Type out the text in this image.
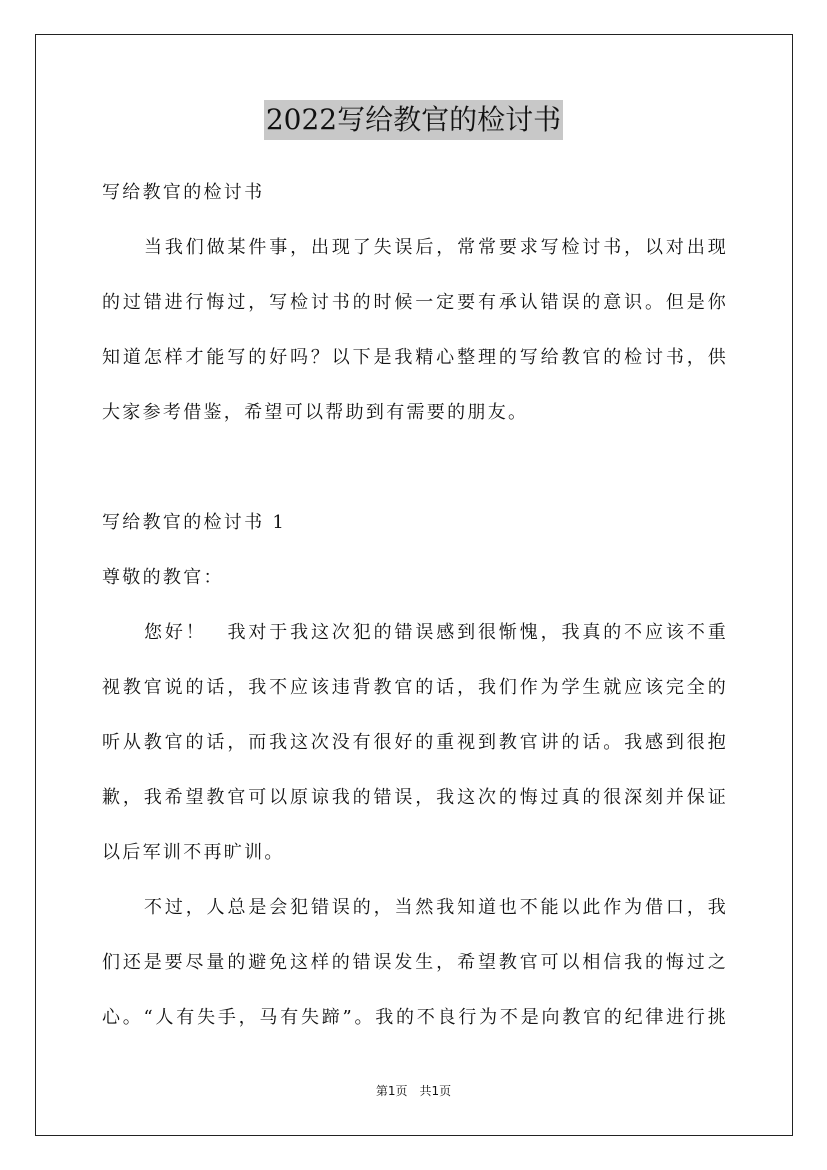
2022写给教官的检讨书
写给教官的检讨书
当我们做某件事，出现了失误后，常常要求写检讨书，以对出现
的过错进行悔过，写检讨书的时候一定要有承认错误的意识。但是你
知道怎样才能写的好吗？以下是我精心整理的写给教官的检讨书，供
大家参考借鉴，希望可以帮助到有需要的朋友。
写给教官的检讨书 1
尊敬的教官：
您好！　我对于我这次犯的错误感到很惭愧，我真的不应该不重
视教官说的话，我不应该违背教官的话，我们作为学生就应该完全的
听从教官的话，而我这次没有很好的重视到教官讲的话。我感到很抱
歉，我希望教官可以原谅我的错误，我这次的悔过真的很深刻并保证
以后军训不再旷训。
不过，人总是会犯错误的，当然我知道也不能以此作为借口，我
们还是要尽量的避免这样的错误发生，希望教官可以相信我的悔过之
心。“人有失手，马有失蹄”。我的不良行为不是向教官的纪律进行挑
第1页　共1页
